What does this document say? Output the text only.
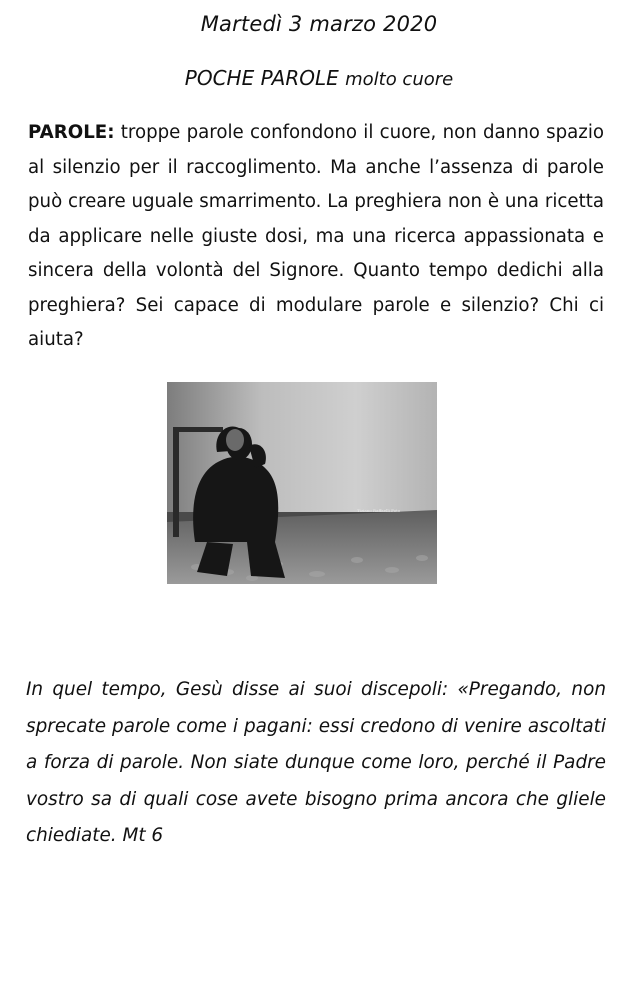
Martedì 3 marzo 2020
POCHE PAROLE molto cuore

PAROLE: troppe parole confondono il cuore, non danno spazio al silenzio per il raccoglimento. Ma anche l’assenza di parole può creare uguale smarrimento. La preghiera non è una ricetta da applicare nelle giuste dosi, ma una ricerca appassionata e sincera della volontà del Signore. Quanto tempo dedichi alla preghiera? Sei capace di modulare parole e silenzio? Chi ci aiuta?

Tiziano Raffaelli Foto

In quel tempo, Gesù disse ai suoi discepoli: «Pregando, non sprecate parole come i pagani: essi credono di venire ascoltati a forza di parole. Non siate dunque come loro, perché il Padre vostro sa di quali cose avete bisogno prima ancora che gliele chiediate. Mt 6
